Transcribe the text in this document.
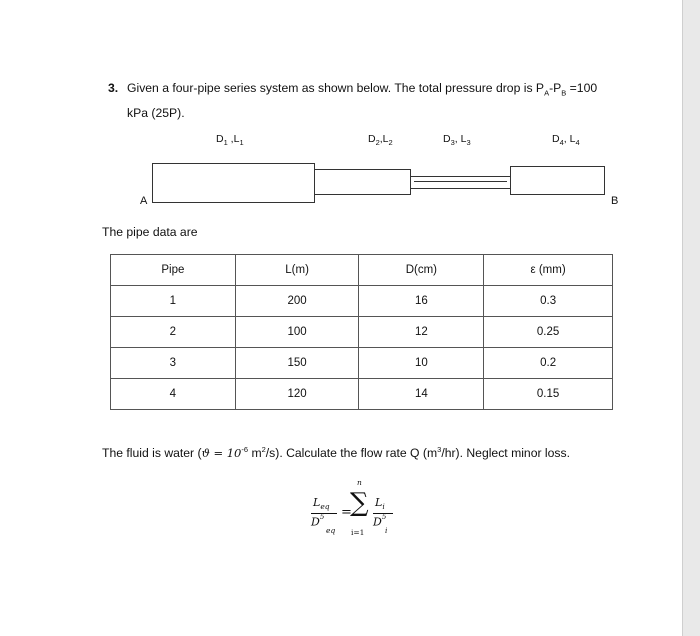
3. Given a four-pipe series system as shown below. The total pressure drop is $P_A-P_B =100$
kPa (25P).
$D_1$ $,L_1$	$D_2,L_2$	$D_3$, $L_3$	$D_4$, $L_4$
A	B
The pipe data are
Pipe	L(m)	D(cm)	ε (mm)
1	200	16	0.3
2	100	12	0.25
3	150	10	0.2
4	120	14	0.15
The fluid is water ($ϑ = 10^{-6}$ $m^2/s$). Calculate the flow rate Q $(m^3/hr)$. Neglect minor loss.
$L_{eq}$
$D^5$
eq
=
n
∑
i=1
$L_i$
$D^5$
i
